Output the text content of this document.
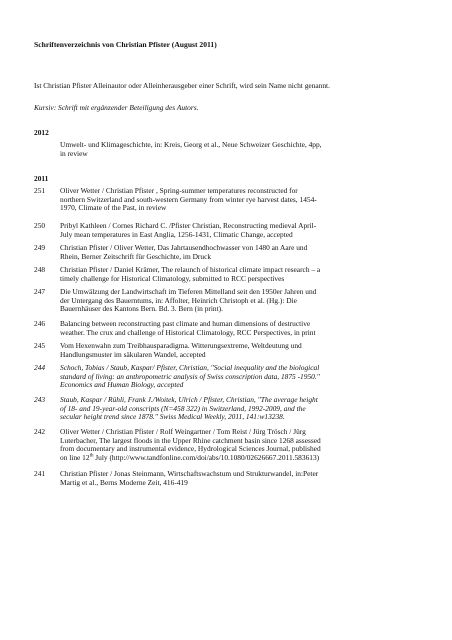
Schriftenverzeichnis von Christian Pfister (August 2011)
Ist Christian Pfister Alleinautor oder Alleinherausgeber einer Schrift, wird sein Name nicht genannt.
Kursiv: Schrift mit ergänzender Beteiligung des Autors.
2012
Umwelt- und Klimageschichte, in: Kreis, Georg et al., Neue Schweizer Geschichte, 4pp,
in review
2011
251	Oliver Wetter / Christian Pfister , Spring-summer temperatures reconstructed for
northern Switzerland and south-western Germany from winter rye harvest dates, 1454-
1970, Climate of the Past, in review
250	Pribyl Kathleen / Cornes Richard C. /Pfister Christian, Reconstructing medieval April-
July mean temperatures in East Anglia, 1256-1431, Climatic Change, accepted
249	Christian Pfister / Oliver Wetter, Das Jahrtausendhochwasser von 1480 an Aare und
Rhein, Berner Zeitschrift für Geschichte, im Druck
248	Christian Pfister / Daniel Krämer, The relaunch of historical climate impact research – a
timely challenge for Historical Climatology, submitted to RCC perspectives
247	Die Umwälzung der Landwirtschaft im Tieferen Mittelland seit den 1950er Jahren und
der Untergang des Bauerntums, in: Affolter, Heinrich Christoph et al. (Hg.): Die
Bauernhäuser des Kantons Bern. Bd. 3. Bern (in print).
246	Balancing between reconstructing past climate and human dimensions of destructive
weather. The crux and challenge of Historical Climatology, RCC Perspectives, in print
245	Vom Hexenwahn zum Treibhausparadigma. Witterungsextreme, Weltdeutung und
Handlungsmuster im säkularen Wandel, accepted
244	Schoch, Tobias / Staub, Kaspar/ Pfister, Christian, "Social inequality and the biological
standard of living: an anthropometric analysis of Swiss conscription data, 1875 -1950."
Economics and Human Biology, accepted
243	Staub, Kaspar / Rühli, Frank J./Woitek, Ulrich / Pfister, Christian, "The average height
of 18- and 19-year-old conscripts (N=458 322) in Switzerland, 1992-2009, and the
secular height trend since 1878." Swiss Medical Weekly, 2011, 141:w13238.
242	Oliver Wetter / Christian Pfister / Rolf Weingartner / Tom Reist / Jürg Trösch / Jürg
Luterbacher, The largest floods in the Upper Rhine catchment basin since 1268 assessed
from documentary and instrumental evidence, Hydrological Sciences Journal, published
on line 12th July (http://www.tandfonline.com/doi/abs/10.1080/02626667.2011.583613)
241	Christian Pfister / Jonas Steinmann, Wirtschaftswachstum und Strukturwandel, in:Peter
Martig et al., Berns Moderne Zeit, 416-419
